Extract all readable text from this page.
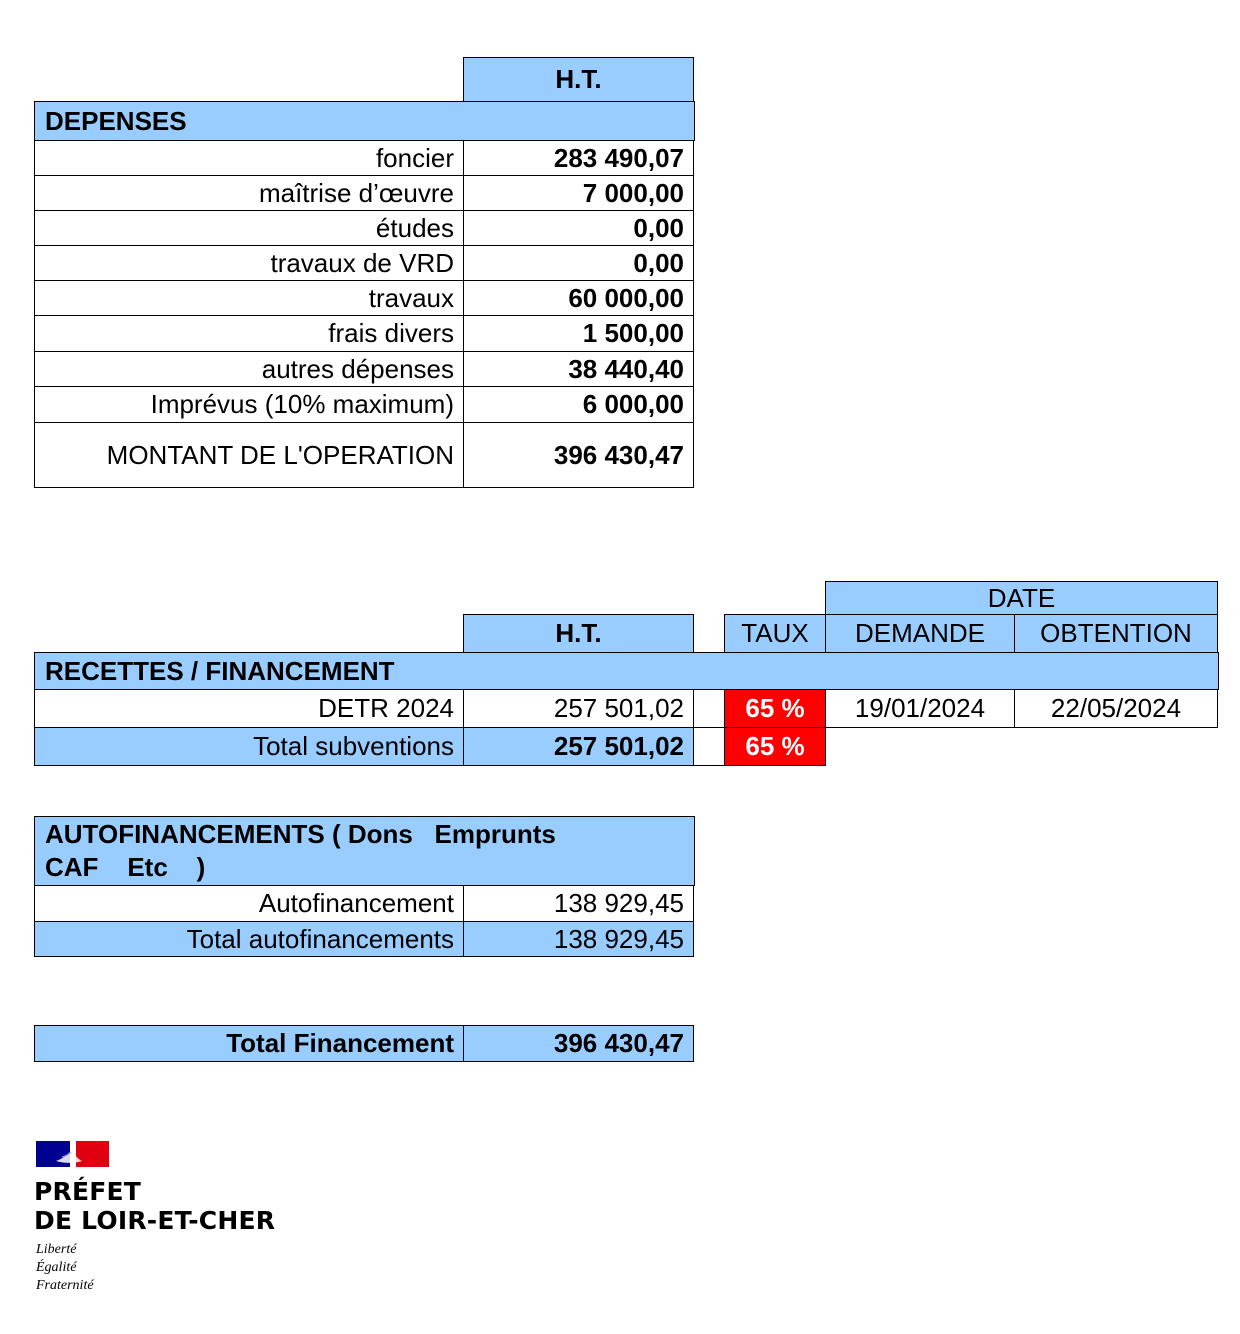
H.T.
DEPENSES
foncier	283 490,07
maîtrise d’œuvre	7 000,00
études	0,00
travaux de VRD	0,00
travaux	60 000,00
frais divers	1 500,00
autres dépenses	38 440,40
Imprévus (10% maximum)	6 000,00
MONTANT DE L'OPERATION	396 430,47
DATE
H.T.	TAUX	DEMANDE	OBTENTION
RECETTES / FINANCEMENT
DETR 2024	257 501,02	65 %	19/01/2024	22/05/2024
Total subventions	257 501,02	65 %
AUTOFINANCEMENTS ( Dons   Emprunts
CAF    Etc    )
Autofinancement	138 929,45
Total autofinancements	138 929,45
Total Financement	396 430,47
PRÉFET
DE LOIR-ET-CHER
Liberté
Égalité
Fraternité
